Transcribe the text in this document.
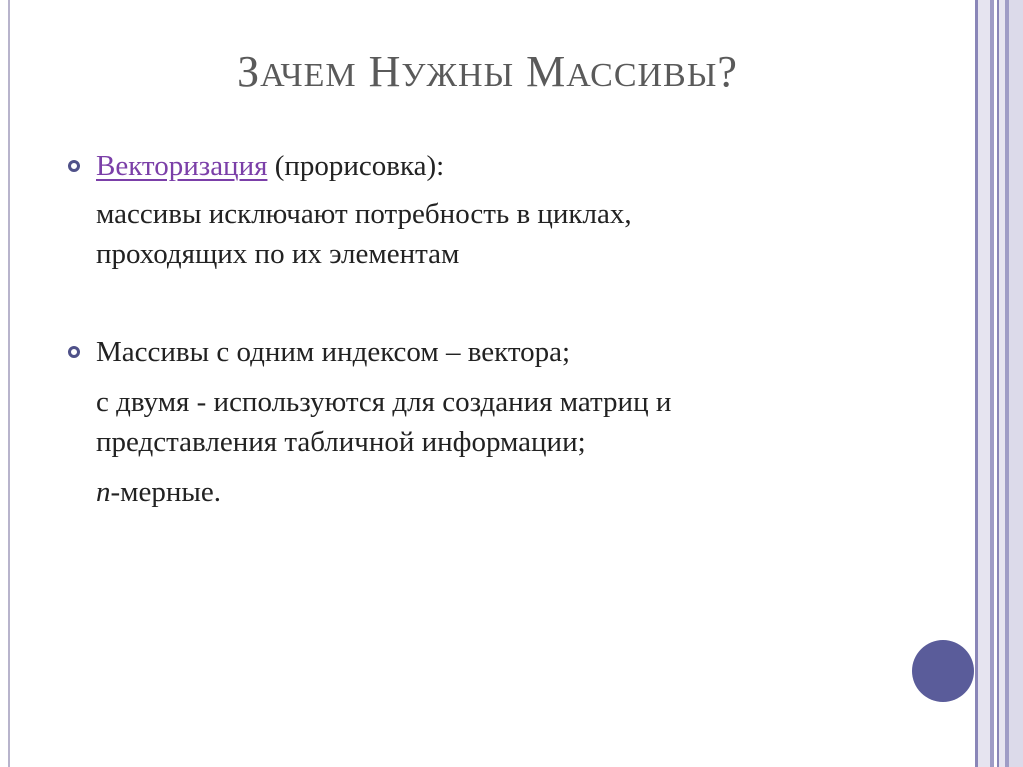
ЗАЧЕМ НУЖНЫ МАССИВЫ?
Векторизация (прорисовка):
массивы исключают потребность в циклах,
проходящих по их элементам
Массивы с одним индексом – вектора;
с двумя - используются для создания матриц и
представления табличной информации;
n-мерные.
